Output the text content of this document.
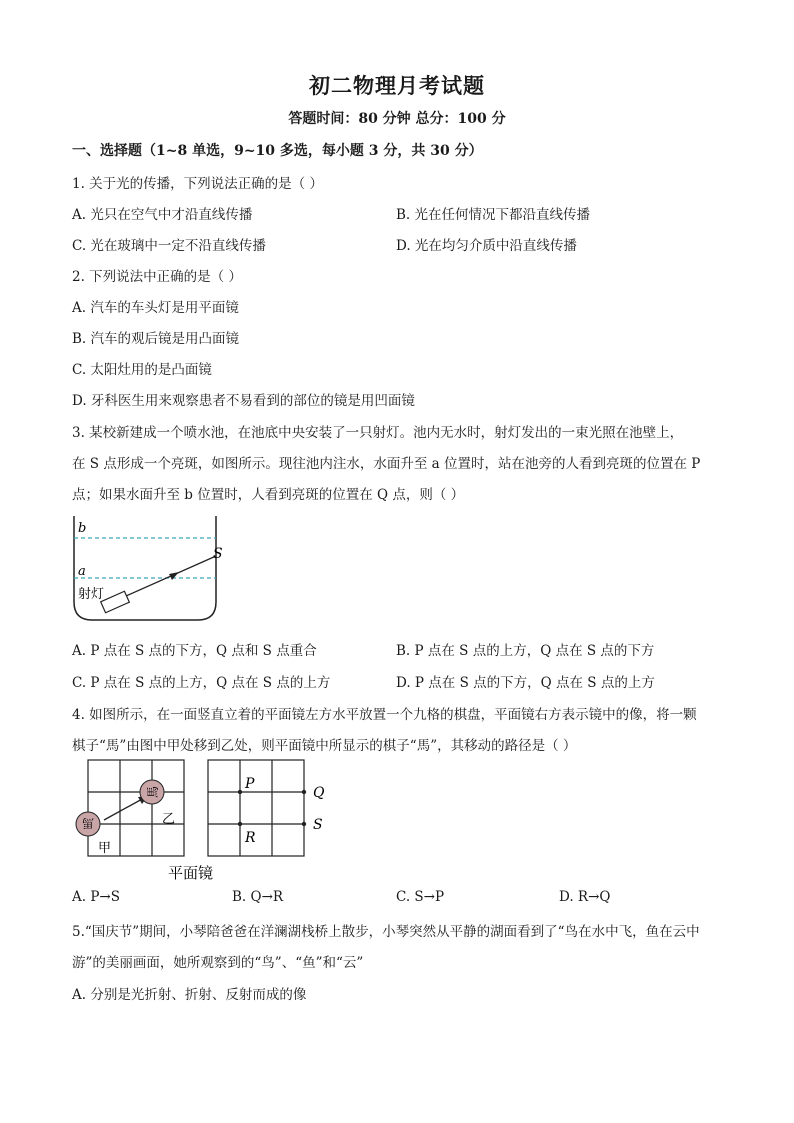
初二物理月考试题
答题时间：80 分钟 总分：100 分
一、选择题（1~8 单选，9~10 多选，每小题 3 分，共 30 分）
1. 关于光的传播，下列说法正确的是（ ）
A. 光只在空气中才沿直线传播	B. 光在任何情况下都沿直线传播
C. 光在玻璃中一定不沿直线传播	D. 光在均匀介质中沿直线传播
2. 下列说法中正确的是（ ）
A. 汽车的车头灯是用平面镜
B. 汽车的观后镜是用凸面镜
C. 太阳灶用的是凸面镜
D. 牙科医生用来观察患者不易看到的部位的镜是用凹面镜
3. 某校新建成一个喷水池，在池底中央安装了一只射灯。池内无水时，射灯发出的一束光照在池壁上，
在 S 点形成一个亮斑，如图所示。现往池内注水，水面升至 a 位置时，站在池旁的人看到亮斑的位置在 P
点；如果水面升至 b 位置时，人看到亮斑的位置在 Q 点，则（ ）
b
a
S
射灯
A. P 点在 S 点的下方，Q 点和 S 点重合	B. P 点在 S 点的上方，Q 点在 S 点的下方
C. P 点在 S 点的上方，Q 点在 S 点的上方	D. P 点在 S 点的下方，Q 点在 S 点的上方
4. 如图所示，在一面竖直立着的平面镜左方水平放置一个九格的棋盘，平面镜右方表示镜中的像，将一颗
棋子“馬”由图中甲处移到乙处，则平面镜中所显示的棋子“馬”，其移动的路径是（ ）
馬
馬
甲
乙
P
Q
R
S
平面镜
A. P→S	B. Q→R	C. S→P	D. R→Q
5.“国庆节”期间，小琴陪爸爸在洋澜湖栈桥上散步，小琴突然从平静的湖面看到了“鸟在水中飞，鱼在云中
游”的美丽画面，她所观察到的“鸟”、“鱼”和“云”
A. 分别是光折射、折射、反射而成的像
